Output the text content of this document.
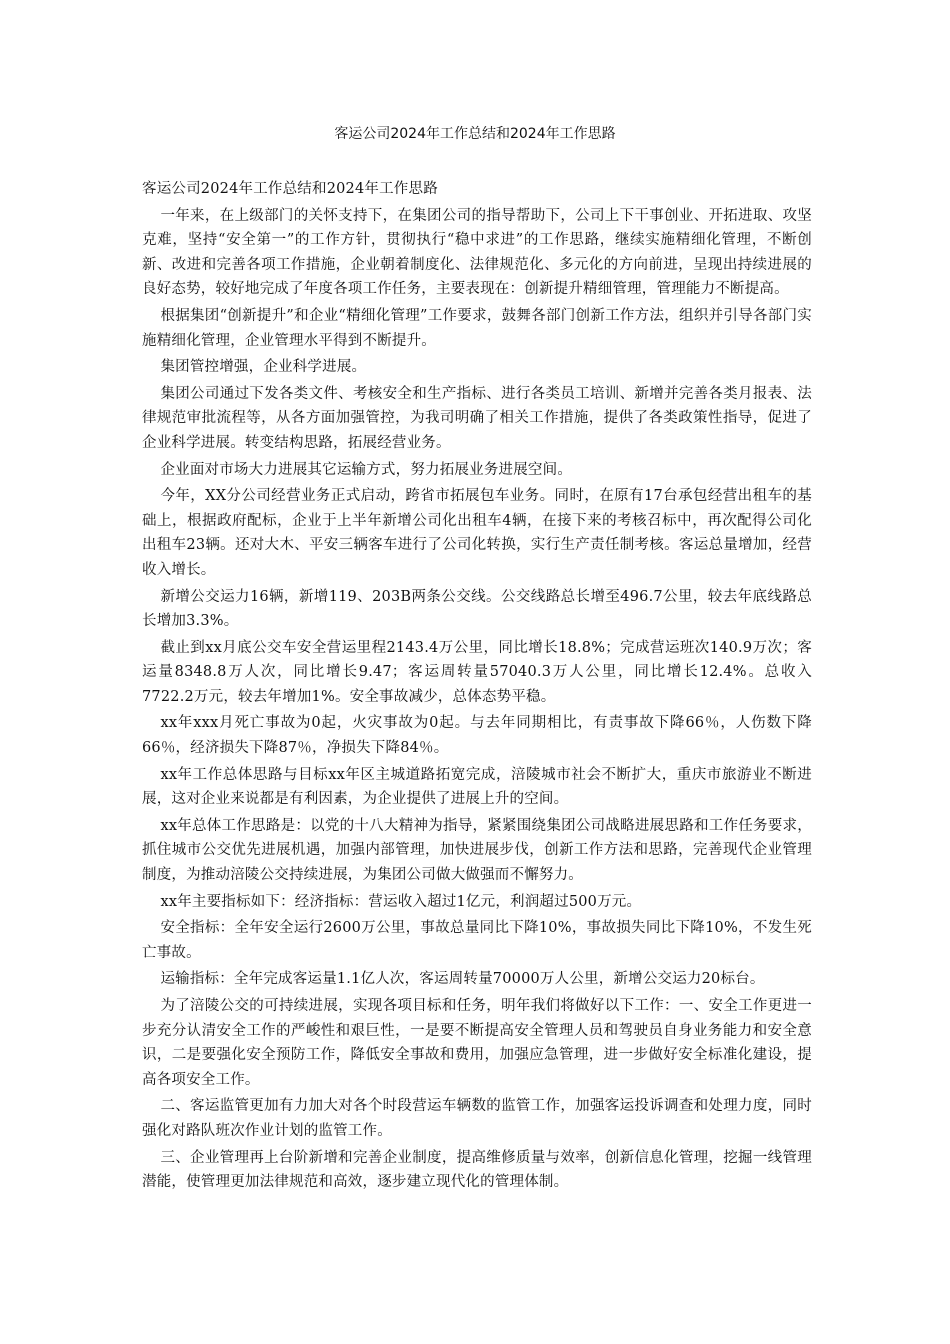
客运公司2024年工作总结和2024年工作思路

客运公司2024年工作总结和2024年工作思路

一年来，在上级部门的关怀支持下，在集团公司的指导帮助下，公司上下干事创业、开拓进取、攻坚克难，坚持“安全第一”的工作方针，贯彻执行“稳中求进”的工作思路，继续实施精细化管理，不断创新、改进和完善各项工作措施，企业朝着制度化、法律规范化、多元化的方向前进，呈现出持续进展的良好态势，较好地完成了年度各项工作任务，主要表现在：创新提升精细管理，管理能力不断提高。

根据集团“创新提升”和企业“精细化管理”工作要求，鼓舞各部门创新工作方法，组织并引导各部门实施精细化管理，企业管理水平得到不断提升。

集团管控增强，企业科学进展。

集团公司通过下发各类文件、考核安全和生产指标、进行各类员工培训、新增并完善各类月报表、法律规范审批流程等，从各方面加强管控，为我司明确了相关工作措施，提供了各类政策性指导，促进了企业科学进展。转变结构思路，拓展经营业务。

企业面对市场大力进展其它运输方式，努力拓展业务进展空间。

今年，XX分公司经营业务正式启动，跨省市拓展包车业务。同时，在原有17台承包经营出租车的基础上，根据政府配标，企业于上半年新增公司化出租车4辆，在接下来的考核召标中，再次配得公司化出租车23辆。还对大木、平安三辆客车进行了公司化转换，实行生产责任制考核。客运总量增加，经营收入增长。

新增公交运力16辆，新增119、203B两条公交线。公交线路总长增至496.7公里，较去年底线路总长增加3.3%。

截止到xx月底公交车安全营运里程2143.4万公里，同比增长18.8%；完成营运班次140.9万次；客运量8348.8万人次，同比增长9.47；客运周转量57040.3万人公里，同比增长12.4%。总收入7722.2万元，较去年增加1%。安全事故减少，总体态势平稳。

xx年xxx月死亡事故为0起，火灾事故为0起。与去年同期相比，有责事故下降66％，人伤数下降66％，经济损失下降87％，净损失下降84％。

xx年工作总体思路与目标xx年区主城道路拓宽完成，涪陵城市社会不断扩大，重庆市旅游业不断进展，这对企业来说都是有利因素，为企业提供了进展上升的空间。

xx年总体工作思路是：以党的十八大精神为指导，紧紧围绕集团公司战略进展思路和工作任务要求，抓住城市公交优先进展机遇，加强内部管理，加快进展步伐，创新工作方法和思路，完善现代企业管理制度，为推动涪陵公交持续进展，为集团公司做大做强而不懈努力。

xx年主要指标如下：经济指标：营运收入超过1亿元，利润超过500万元。

安全指标：全年安全运行2600万公里，事故总量同比下降10%，事故损失同比下降10%，不发生死亡事故。

运输指标：全年完成客运量1.1亿人次，客运周转量70000万人公里，新增公交运力20标台。

为了涪陵公交的可持续进展，实现各项目标和任务，明年我们将做好以下工作：一、安全工作更进一步充分认清安全工作的严峻性和艰巨性，一是要不断提高安全管理人员和驾驶员自身业务能力和安全意识，二是要强化安全预防工作，降低安全事故和费用，加强应急管理，进一步做好安全标准化建设，提高各项安全工作。

二、客运监管更加有力加大对各个时段营运车辆数的监管工作，加强客运投诉调查和处理力度，同时强化对路队班次作业计划的监管工作。

三、企业管理再上台阶新增和完善企业制度，提高维修质量与效率，创新信息化管理，挖掘一线管理潜能，使管理更加法律规范和高效，逐步建立现代化的管理体制。
